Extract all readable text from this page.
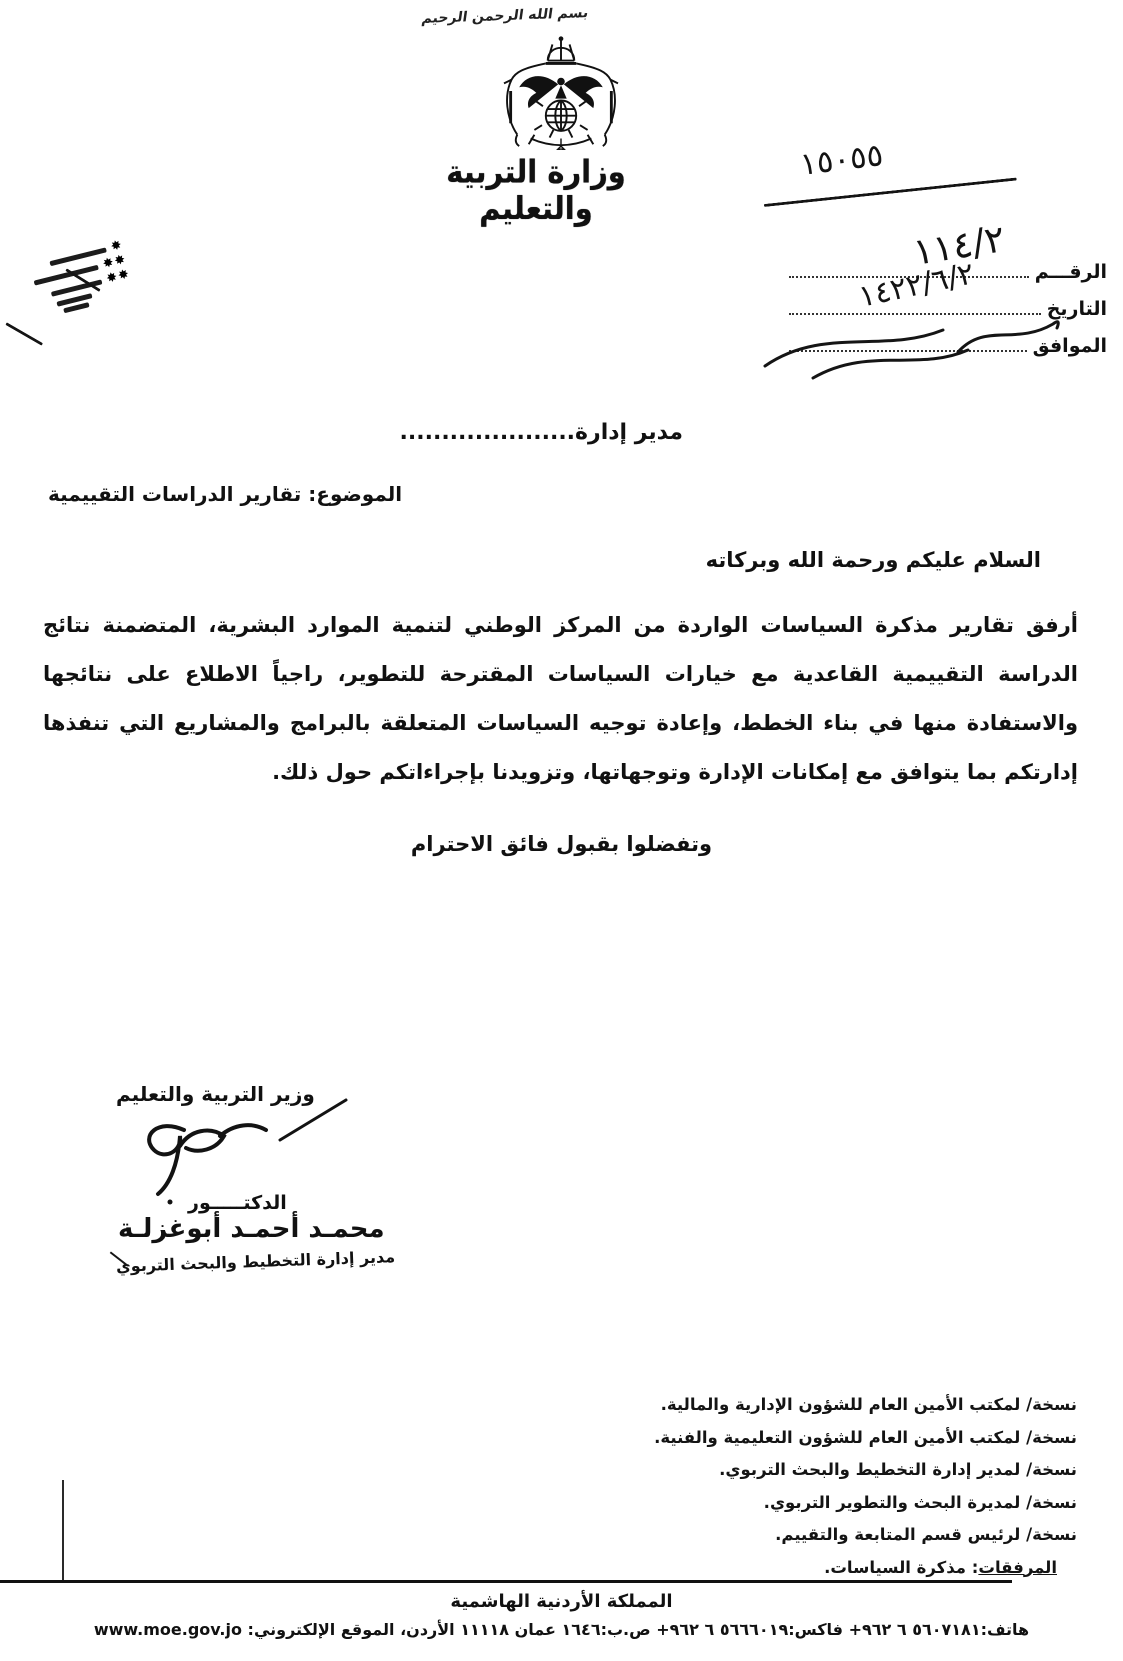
بسم الله الرحمن الرحيم
١٥٠٥٥
وزارة التربية والتعليم
✸
✸✸
✸✸	الرقـــم
التاريخ
الموافق
١١٤/٢
١٤٢٢/٦/٢
مدير إدارة.....................
الموضوع: تقارير الدراسات التقييمية
السلام عليكم ورحمة الله وبركاته
أرفق تقارير مذكرة السياسات الواردة من المركز الوطني لتنمية الموارد البشرية، المتضمنة نتائج الدراسة التقييمية القاعدية مع خيارات السياسات المقترحة للتطوير، راجياً الاطلاع على نتائجها والاستفادة منها في بناء الخطط، وإعادة توجيه السياسات المتعلقة بالبرامج والمشاريع التي تنفذها إدارتكم بما يتوافق مع إمكانات الإدارة وتوجهاتها، وتزويدنا بإجراءاتكم حول ذلك.
وتفضلوا بقبول فائق الاحترام
وزير التربية والتعليم
الدكتـــــور
محمـد أحمـد أبوغزلـة
مدير إدارة التخطيط والبحث التربوي
نسخة/ لمكتب الأمين العام للشؤون الإدارية والمالية.
نسخة/ لمكتب الأمين العام للشؤون التعليمية والفنية.
نسخة/ لمدير إدارة التخطيط والبحث التربوي.
نسخة/ لمديرة البحث والتطوير التربوي.
نسخة/ لرئيس قسم المتابعة والتقييم.
المرفقات: مذكرة السياسات.
المملكة الأردنية الهاشمية
هاتف:٥٦٠٧١٨١ ٦ ٩٦٢+ فاكس:٥٦٦٦٠١٩ ٦ ٩٦٢+ ص.ب:١٦٤٦ عمان ١١١١٨ الأردن، الموقع الإلكتروني: www.moe.gov.jo
